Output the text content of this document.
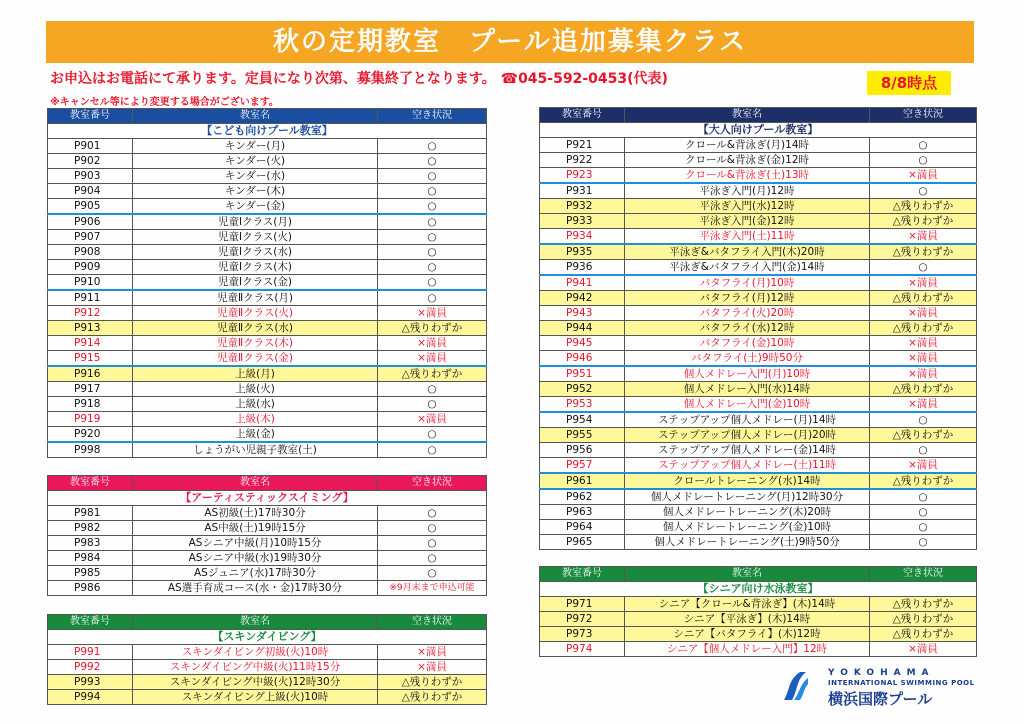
秋の定期教室　プール追加募集クラス
お申込はお電話にて承ります。定員になり次第、募集終了となります。 ☎045-592-0453(代表)
※キャンセル等により変更する場合がございます。
8/8時点
教室番号	教室名	空き状況
【こども向けプール教室】		
P901	キンダー(月)	○
P902	キンダー(火)	○
P903	キンダー(水)	○
P904	キンダー(木)	○
P905	キンダー(金)	○
P906	児童Ⅰクラス(月)	○
P907	児童Ⅰクラス(火)	○
P908	児童Ⅰクラス(水)	○
P909	児童Ⅰクラス(木)	○
P910	児童Ⅰクラス(金)	○
P911	児童Ⅱクラス(月)	○
P912	児童Ⅱクラス(火)	×満員
P913	児童Ⅱクラス(水)	△残りわずか
P914	児童Ⅱクラス(木)	×満員
P915	児童Ⅱクラス(金)	×満員
P916	上級(月)	△残りわずか
P917	上級(火)	○
P918	上級(水)	○
P919	上級(木)	×満員
P920	上級(金)	○
P998	しょうがい児親子教室(土)	○
教室番号	教室名	空き状況
【アーティスティックスイミング】		
P981	AS初級(土)17時30分	○
P982	AS中級(土)19時15分	○
P983	ASシニア中級(月)10時15分	○
P984	ASシニア中級(水)19時30分	○
P985	ASジュニア(水)17時30分	○
P986	AS選手育成コース(水・金)17時30分	※9月末まで申込可能
教室番号	教室名	空き状況
【スキンダイビング】		
P991	スキンダイビング初級(火)10時	×満員
P992	スキンダイビング中級(火)11時15分	×満員
P993	スキンダイビング中級(火)12時30分	△残りわずか
P994	スキンダイビング上級(火)10時	△残りわずか
教室番号	教室名	空き状況
【大人向けプール教室】		
P921	クロール&背泳ぎ(月)14時	○
P922	クロール&背泳ぎ(金)12時	○
P923	クロール&背泳ぎ(土)13時	×満員
P931	平泳ぎ入門(月)12時	○
P932	平泳ぎ入門(水)12時	△残りわずか
P933	平泳ぎ入門(金)12時	△残りわずか
P934	平泳ぎ入門(土)11時	×満員
P935	平泳ぎ&バタフライ入門(木)20時	△残りわずか
P936	平泳ぎ&バタフライ入門(金)14時	○
P941	バタフライ(月)10時	×満員
P942	バタフライ(月)12時	△残りわずか
P943	バタフライ(火)20時	×満員
P944	バタフライ(水)12時	△残りわずか
P945	バタフライ(金)10時	×満員
P946	バタフライ(土)9時50分	×満員
P951	個人メドレー入門(月)10時	×満員
P952	個人メドレー入門(水)14時	△残りわずか
P953	個人メドレー入門(金)10時	×満員
P954	ステップアップ個人メドレー(月)14時	○
P955	ステップアップ個人メドレー(月)20時	△残りわずか
P956	ステップアップ個人メドレー(金)14時	○
P957	ステップアップ個人メドレー(土)11時	×満員
P961	クロールトレーニング(水)14時	△残りわずか
P962	個人メドレートレーニング(月)12時30分	○
P963	個人メドレートレーニング(木)20時	○
P964	個人メドレートレーニング(金)10時	○
P965	個人メドレートレーニング(土)9時50分	○
教室番号	教室名	空き状況
【シニア向け水泳教室】		
P971	シニア【クロール&背泳ぎ】(木)14時	△残りわずか
P972	シニア【平泳ぎ】(木)14時	△残りわずか
P973	シニア【バタフライ】(木)12時	△残りわずか
P974	シニア【個人メドレー入門】12時	×満員
YOKOHAMA
INTERNATIONAL SWIMMING POOL
横浜国際プール
